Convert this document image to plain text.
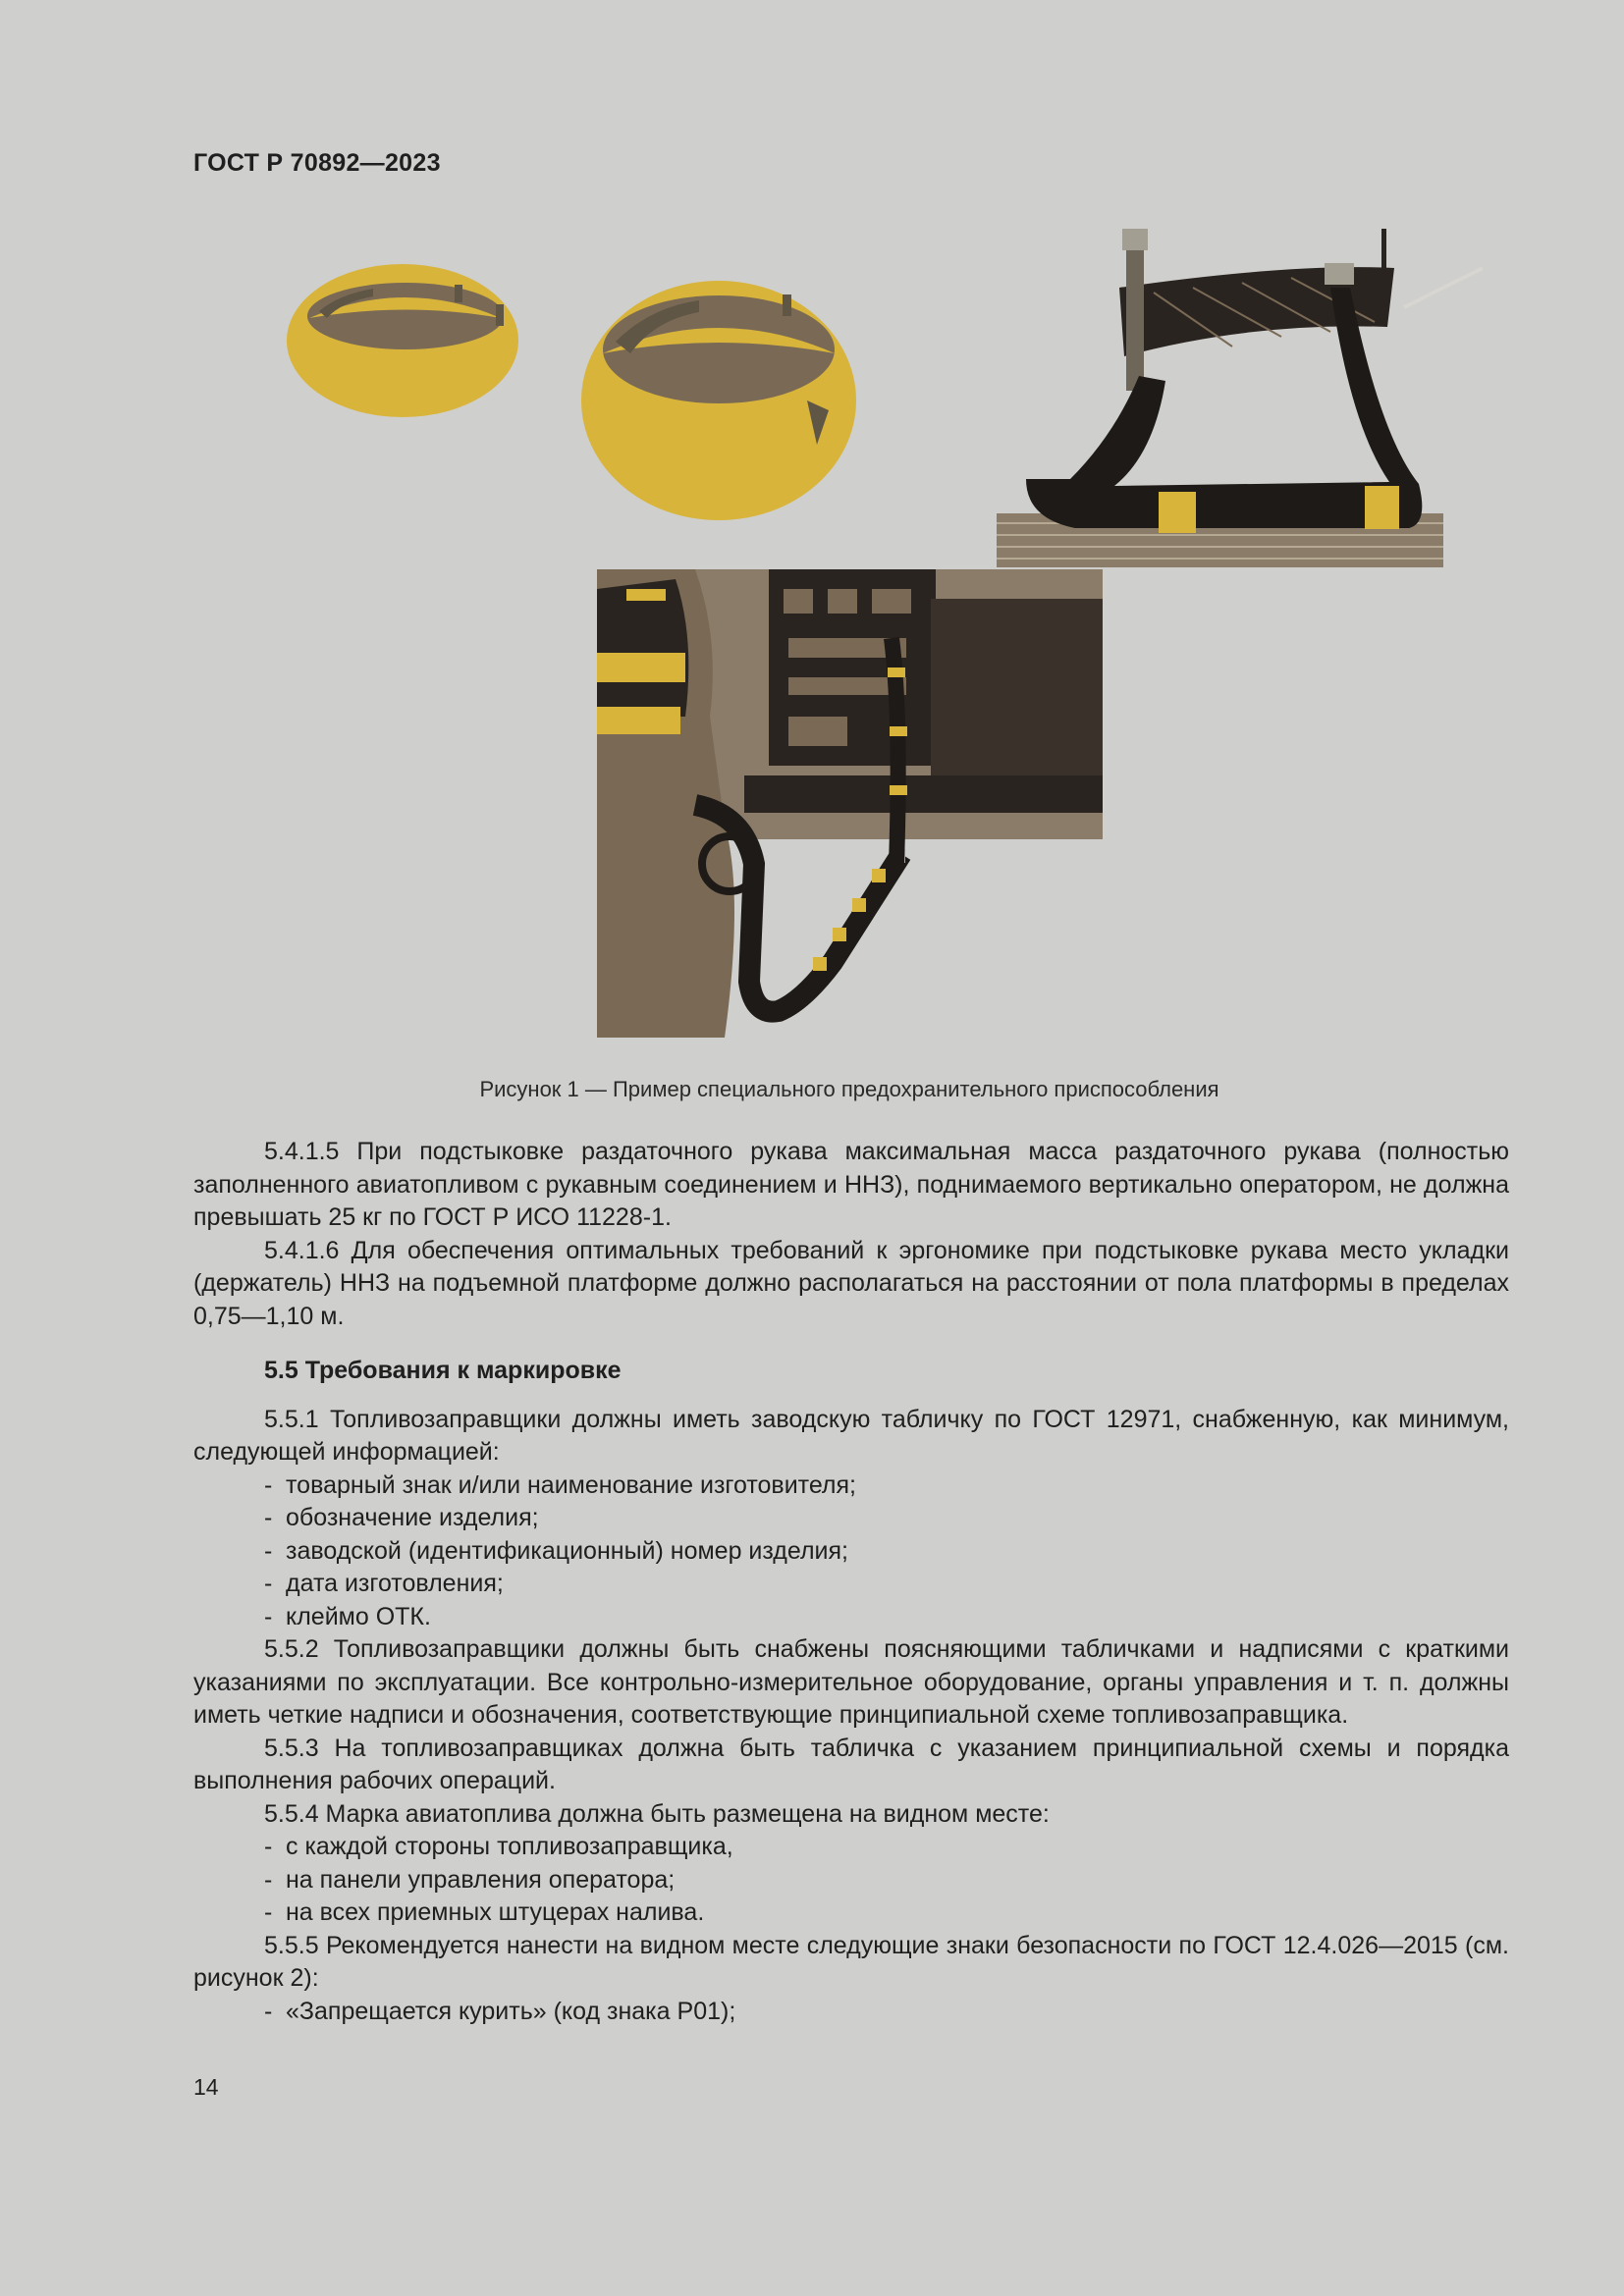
ГОСТ Р 70892—2023
Рисунок 1 — Пример специального предохранительного приспособления

5.4.1.5 При подстыковке раздаточного рукава максимальная масса раздаточного рукава (полностью заполненного авиатопливом с рукавным соединением и ННЗ), поднимаемого вертикально оператором, не должна превышать 25 кг по ГОСТ Р ИСО 11228-1.

5.4.1.6 Для обеспечения оптимальных требований к эргономике при подстыковке рукава место укладки (держатель) ННЗ на подъемной платформе должно располагаться на расстоянии от пола платформы в пределах 0,75—1,10 м.

5.5 Требования к маркировке

5.5.1 Топливозаправщики должны иметь заводскую табличку по ГОСТ 12971, снабженную, как минимум, следующей информацией:

- товарный знак и/или наименование изготовителя;
- обозначение изделия;
- заводской (идентификационный) номер изделия;
- дата изготовления;
- клеймо ОТК.

5.5.2 Топливозаправщики должны быть снабжены поясняющими табличками и надписями с краткими указаниями по эксплуатации. Все контрольно-измерительное оборудование, органы управления и т. п. должны иметь четкие надписи и обозначения, соответствующие принципиальной схеме топливозаправщика.

5.5.3 На топливозаправщиках должна быть табличка с указанием принципиальной схемы и порядка выполнения рабочих операций.

5.5.4 Марка авиатоплива должна быть размещена на видном месте:

- с каждой стороны топливозаправщика,
- на панели управления оператора;
- на всех приемных штуцерах налива.

5.5.5 Рекомендуется нанести на видном месте следующие знаки безопасности по ГОСТ 12.4.026—2015 (см. рисунок 2):

- «Запрещается курить» (код знака Р01);
14
